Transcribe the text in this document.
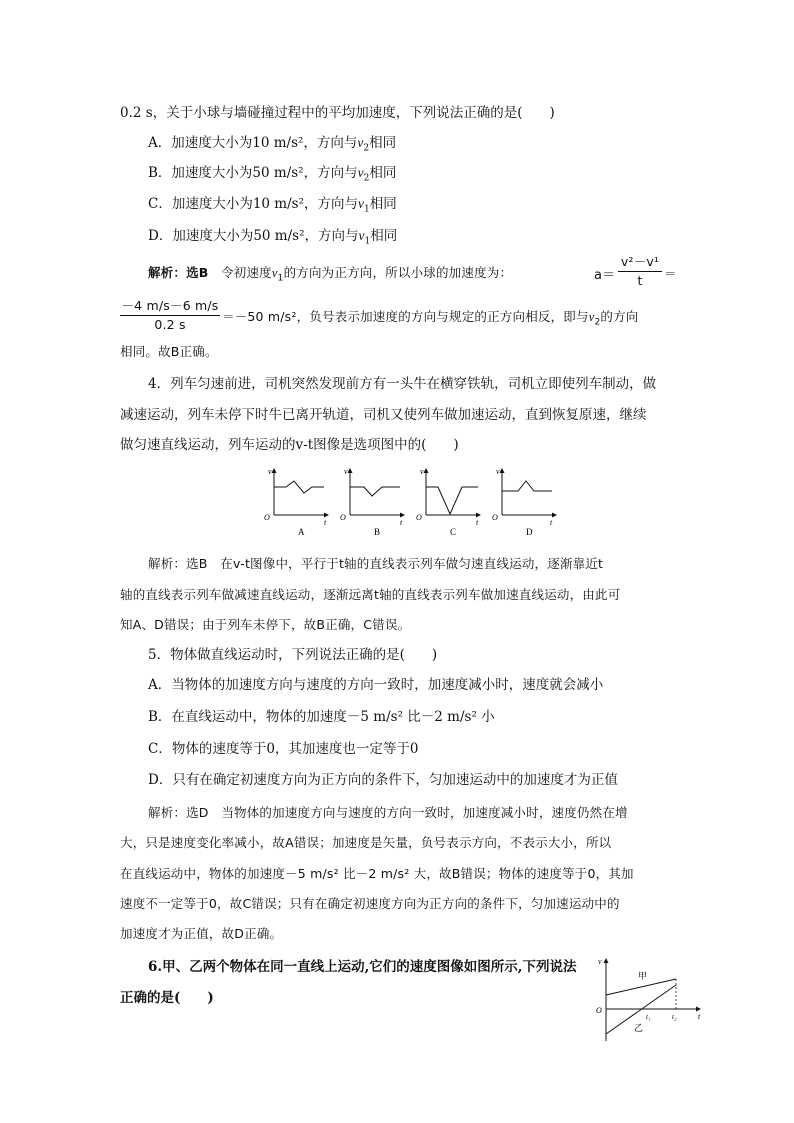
0.2 s，关于小球与墙碰撞过程中的平均加速度，下列说法正确的是(　　)
A．加速度大小为10 m/s²，方向与$v_2$相同
B．加速度大小为50 m/s²，方向与$v_2$相同
C．加速度大小为10 m/s²，方向与$v_1$相同
D．加速度大小为50 m/s²，方向与$v_1$相同
解析：选B 令初速度$v_1$的方向为正方向，所以小球的加速度为：	a＝
v²－v¹
t	＝
－4 m/s－6 m/s
0.2 s
＝－50 m/s²，负号表示加速度的方向与规定的正方向相反，即与$v_2$的方向
相同。故B正确。
4．列车匀速前进，司机突然发现前方有一头牛在横穿铁轨，司机立即使列车制动，做
减速运动，列车未停下时牛已离开轨道，司机又使列车做加速运动，直到恢复原速，继续
做匀速直线运动，列车运动的v-t图像是选项图中的(　　)
v
t
O
A
v
t
O
B
v
t
O
C
v
t
O
D
解析：选B　在v-t图像中，平行于t轴的直线表示列车做匀速直线运动，逐渐靠近t
轴的直线表示列车做减速直线运动，逐渐远离t轴的直线表示列车做加速直线运动，由此可
知A、D错误；由于列车未停下，故B正确，C错误。
5．物体做直线运动时，下列说法正确的是(　　)
A．当物体的加速度方向与速度的方向一致时，加速度减小时，速度就会减小
B．在直线运动中，物体的加速度－5 m/s² 比－2 m/s² 小
C．物体的速度等于0，其加速度也一定等于0
D．只有在确定初速度方向为正方向的条件下，匀加速运动中的加速度才为正值
解析：选D　当物体的加速度方向与速度的方向一致时，加速度减小时，速度仍然在增
大，只是速度变化率减小，故A错误；加速度是矢量，负号表示方向，不表示大小，所以
在直线运动中，物体的加速度－5 m/s² 比－2 m/s² 大，故B错误；物体的速度等于0，其加
速度不一定等于0，故C错误；只有在确定初速度方向为正方向的条件下，匀加速运动中的
加速度才为正值，故D正确。
6.甲、乙两个物体在同一直线上运动,它们的速度图像如图所示,下列说法
正确的是(　　)
v
t
O
甲
乙
t₁	t₂
